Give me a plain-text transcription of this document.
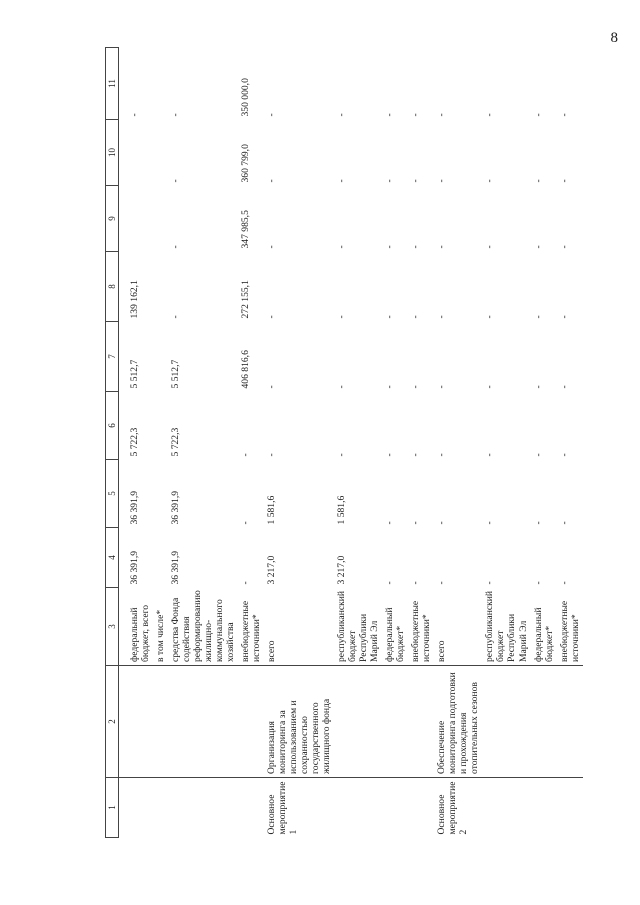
8
1	2	3	4	5	6	7	8	9	10	11

		федеральный бюджет, всего	36 391,9	36 391,9	5 722,3	5 512,7	139 162,1			-
		в том числе*								
		средства Фонда содействия реформированию жилищно-коммунального хозяйства	36 391,9	36 391,9	5 722,3	5 512,7	-	-	-	-
		внебюджетные источники*	-	-	-	406 816,6	272 155,1	347 985,5	360 799,0	350 000,0
Основное мероприятие 1	Организация мониторинга за использованием и сохранностью государственного жилищного фонда	всего	3 217,0	1 581,6	-	-	-	-	-	-
		республиканский бюджет Республики Марий Эл	3 217,0	1 581,6	-	-	-	-	-	-
		федеральный бюджет*	-	-	-	-	-	-	-	-
		внебюджетные источники*	-	-	-	-	-	-	-	-
Основное мероприятие 2	Обеспечение мониторинга подготовки и прохождения отопительных сезонов	всего	-	-	-	-	-	-	-	-
		республиканский бюджет Республики Марий Эл	-	-	-	-	-	-	-	-
		федеральный бюджет*	-	-	-	-	-	-	-	-
		внебюджетные источники*	-	-	-	-	-	-	-	-
